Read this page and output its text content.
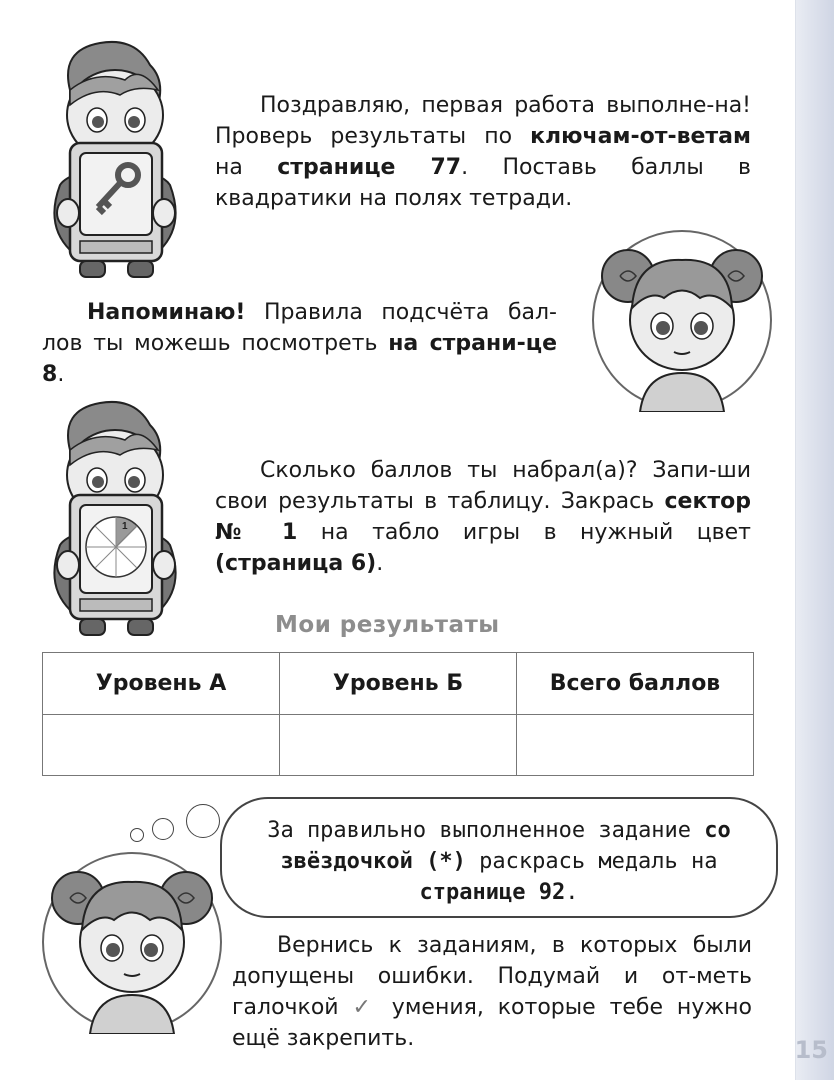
Поздравляю, первая работа выполне-на! Проверь результаты по ключам-от-ветам на странице 77. Поставь баллы в квадратики на полях тетради.

Напоминаю! Правила подсчёта бал-лов ты можешь посмотреть на страни-це 8.

1

Сколько баллов ты набрал(а)? Запи-ши свои результаты в таблицу. Закрась сектор № 1 на табло игры в нужный цвет (страница 6).

Мои результаты
Уровень А	Уровень Б	Всего баллов

За правильно выполненное задание со звёздочкой (*) раскрась медаль на странице 92.

Вернись к заданиям, в которых были допущены ошибки. Подумай и от-меть галочкой ✓ умения, которые тебе нужно ещё закрепить.	15
